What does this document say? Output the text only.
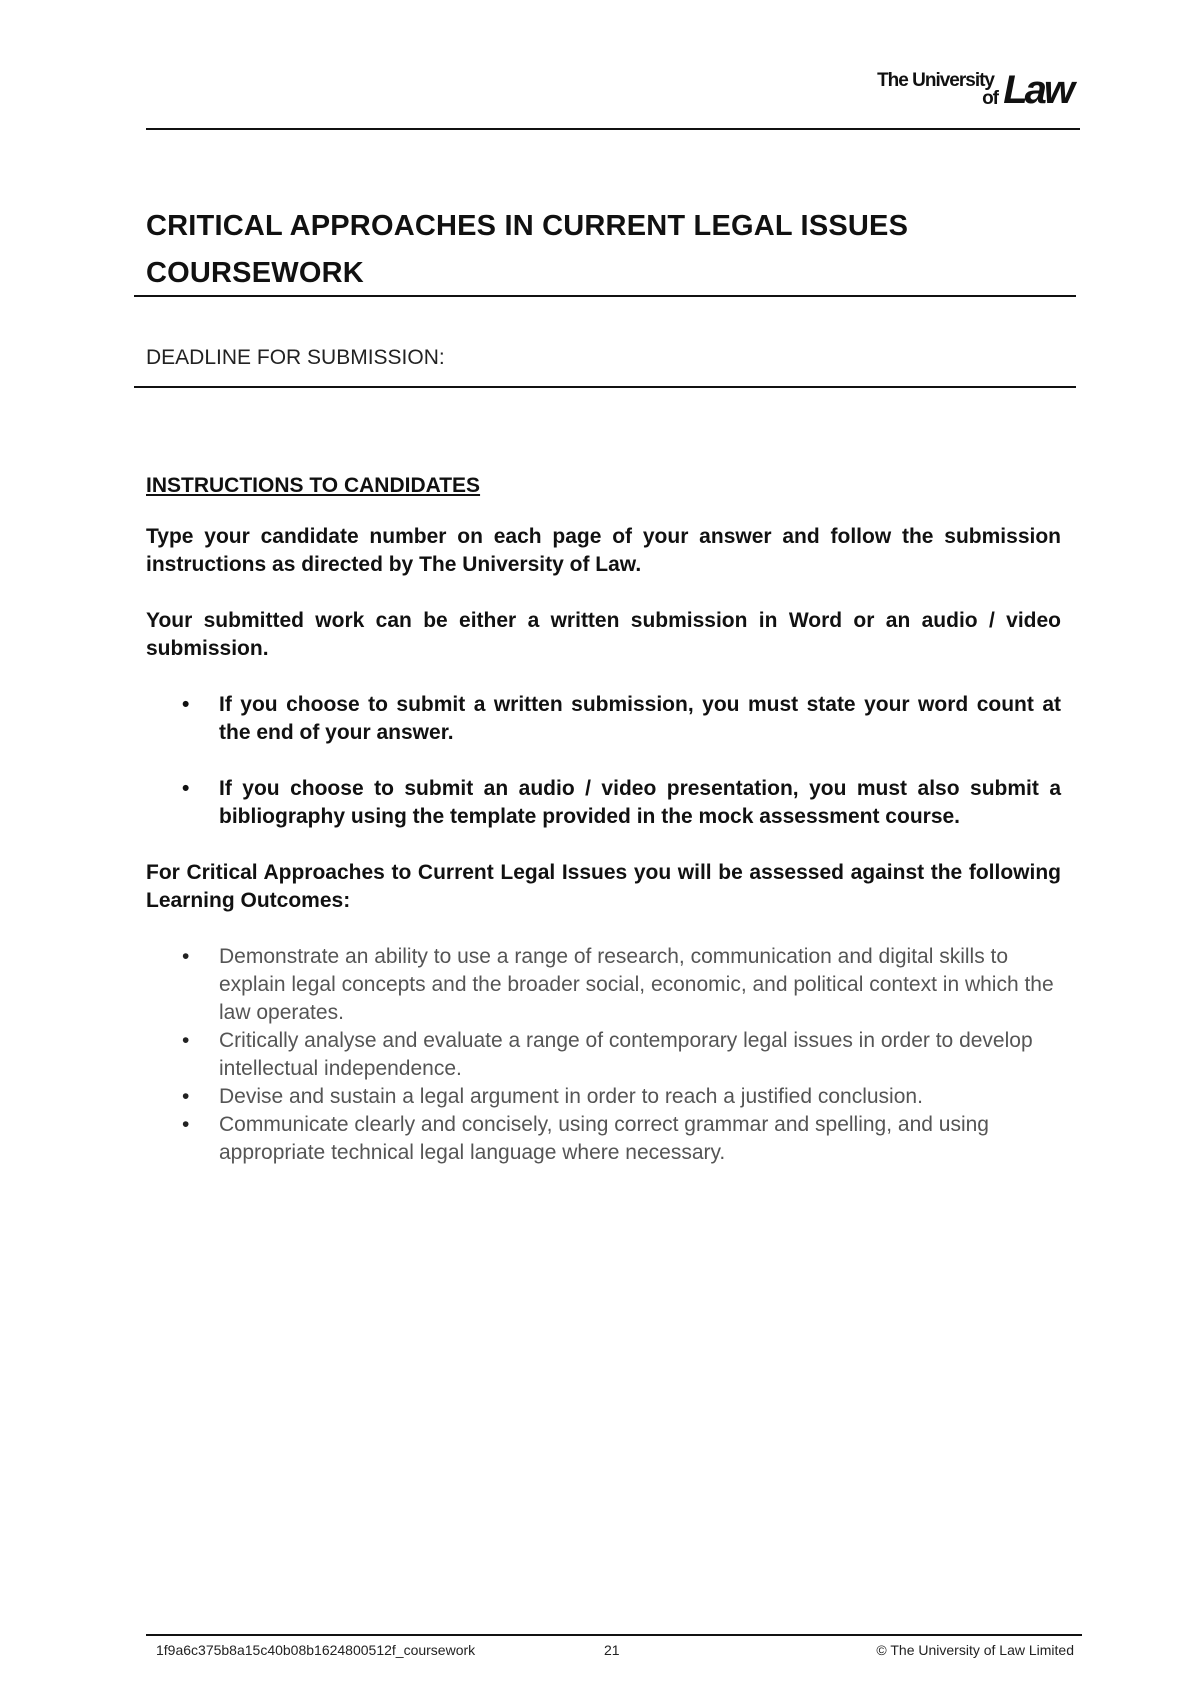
The University
of Law
CRITICAL APPROACHES IN CURRENT LEGAL ISSUES COURSEWORK
DEADLINE FOR SUBMISSION:

INSTRUCTIONS TO CANDIDATES

Type your candidate number on each page of your answer and follow the submission instructions as directed by The University of Law.

Your submitted work can be either a written submission in Word or an audio / video submission.

• If you choose to submit a written submission, you must state your word count at the end of your answer.
• If you choose to submit an audio / video presentation, you must also submit a bibliography using the template provided in the mock assessment course.

For Critical Approaches to Current Legal Issues you will be assessed against the following Learning Outcomes:

• Demonstrate an ability to use a range of research, communication and digital skills to explain legal concepts and the broader social, economic, and political context in which the law operates.
• Critically analyse and evaluate a range of contemporary legal issues in order to develop intellectual independence.
• Devise and sustain a legal argument in order to reach a justified conclusion.
• Communicate clearly and concisely, using correct grammar and spelling, and using appropriate technical legal language where necessary.
1f9a6c375b8a15c40b08b1624800512f_coursework	21	© The University of Law Limited
